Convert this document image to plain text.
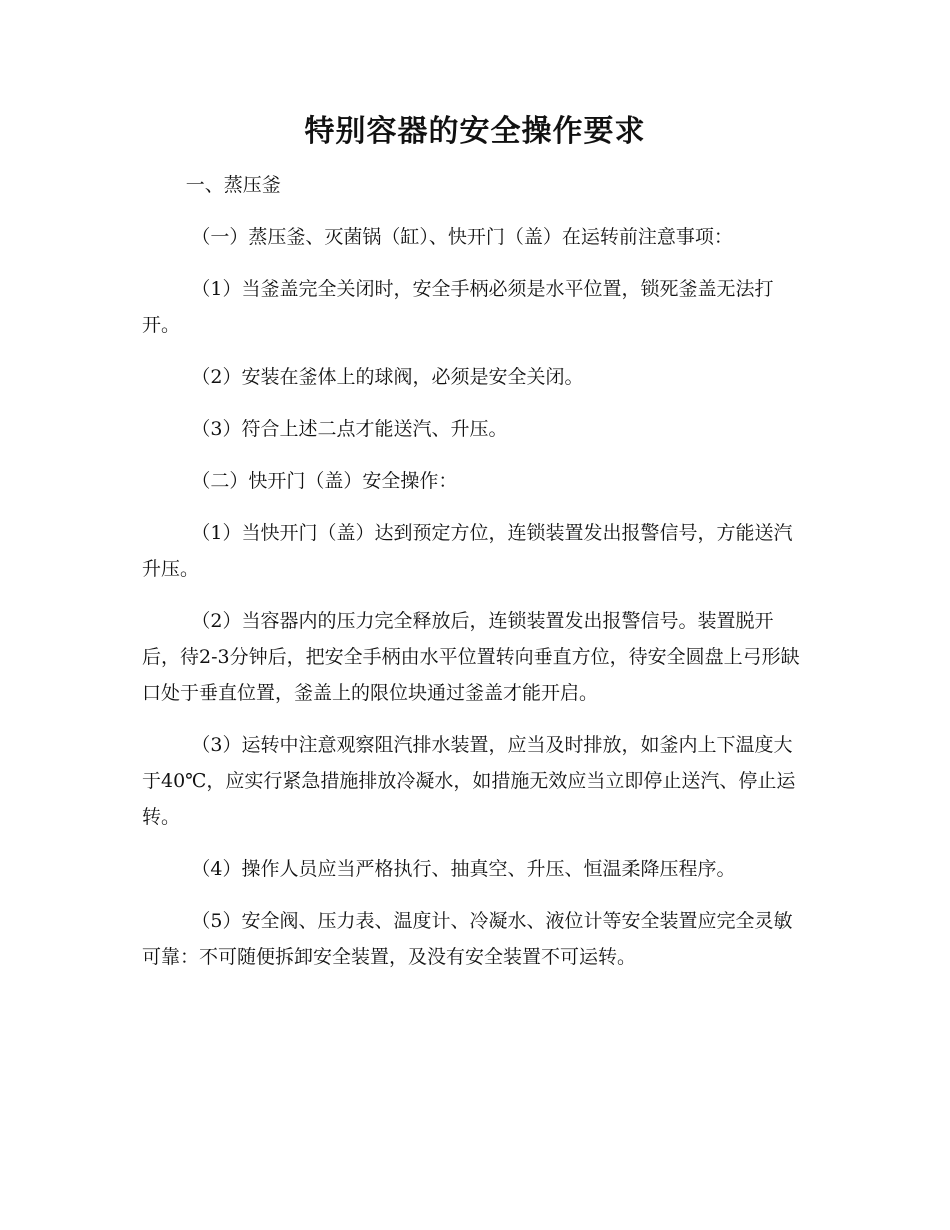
特别容器的安全操作要求

一、蒸压釜

（一）蒸压釜、灭菌锅（缸）、快开门（盖）在运转前注意事项：

（1）当釜盖完全关闭时，安全手柄必须是水平位置，锁死釜盖无法打开。

（2）安装在釜体上的球阀，必须是安全关闭。

（3）符合上述二点才能送汽、升压。

（二）快开门（盖）安全操作：

（1）当快开门（盖）达到预定方位，连锁装置发出报警信号，方能送汽升压。

（2）当容器内的压力完全释放后，连锁装置发出报警信号。装置脱开后，待2-3分钟后，把安全手柄由水平位置转向垂直方位，待安全圆盘上弓形缺口处于垂直位置，釜盖上的限位块通过釜盖才能开启。

（3）运转中注意观察阻汽排水装置，应当及时排放，如釜内上下温度大于40℃，应实行紧急措施排放冷凝水，如措施无效应当立即停止送汽、停止运转。

（4）操作人员应当严格执行、抽真空、升压、恒温柔降压程序。

（5）安全阀、压力表、温度计、冷凝水、液位计等安全装置应完全灵敏可靠：不可随便拆卸安全装置，及没有安全装置不可运转。
